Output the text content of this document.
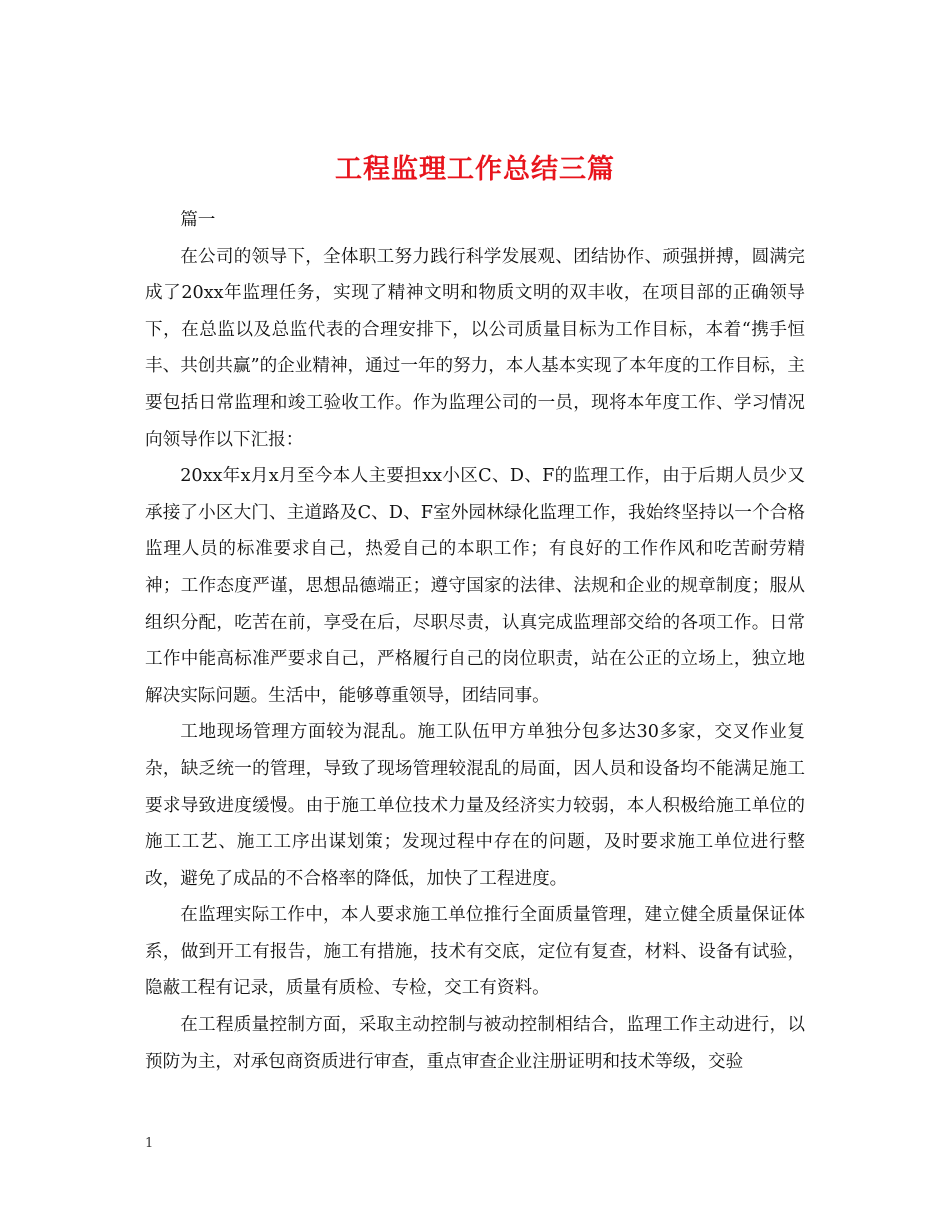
工程监理工作总结三篇

篇一

在公司的领导下，全体职工努力践行科学发展观、团结协作、顽强拼搏，圆满完成了20xx年监理任务，实现了精神文明和物质文明的双丰收，在项目部的正确领导下，在总监以及总监代表的合理安排下，以公司质量目标为工作目标，本着“携手恒丰、共创共赢”的企业精神，通过一年的努力，本人基本实现了本年度的工作目标，主要包括日常监理和竣工验收工作。作为监理公司的一员，现将本年度工作、学习情况向领导作以下汇报：

20xx年x月x月至今本人主要担xx小区C、D、F的监理工作，由于后期人员少又承接了小区大门、主道路及C、D、F室外园林绿化监理工作，我始终坚持以一个合格监理人员的标准要求自己，热爱自己的本职工作；有良好的工作作风和吃苦耐劳精神；工作态度严谨，思想品德端正；遵守国家的法律、法规和企业的规章制度；服从组织分配，吃苦在前，享受在后，尽职尽责，认真完成监理部交给的各项工作。日常工作中能高标准严要求自己，严格履行自己的岗位职责，站在公正的立场上，独立地解决实际问题。生活中，能够尊重领导，团结同事。

工地现场管理方面较为混乱。施工队伍甲方单独分包多达30多家，交叉作业复杂，缺乏统一的管理，导致了现场管理较混乱的局面，因人员和设备均不能满足施工要求导致进度缓慢。由于施工单位技术力量及经济实力较弱，本人积极给施工单位的施工工艺、施工工序出谋划策；发现过程中存在的问题，及时要求施工单位进行整改，避免了成品的不合格率的降低，加快了工程进度。

在监理实际工作中，本人要求施工单位推行全面质量管理，建立健全质量保证体系，做到开工有报告，施工有措施，技术有交底，定位有复查，材料、设备有试验，隐蔽工程有记录，质量有质检、专检，交工有资料。

在工程质量控制方面，采取主动控制与被动控制相结合，监理工作主动进行，以预防为主，对承包商资质进行审查，重点审查企业注册证明和技术等级，交验

1
